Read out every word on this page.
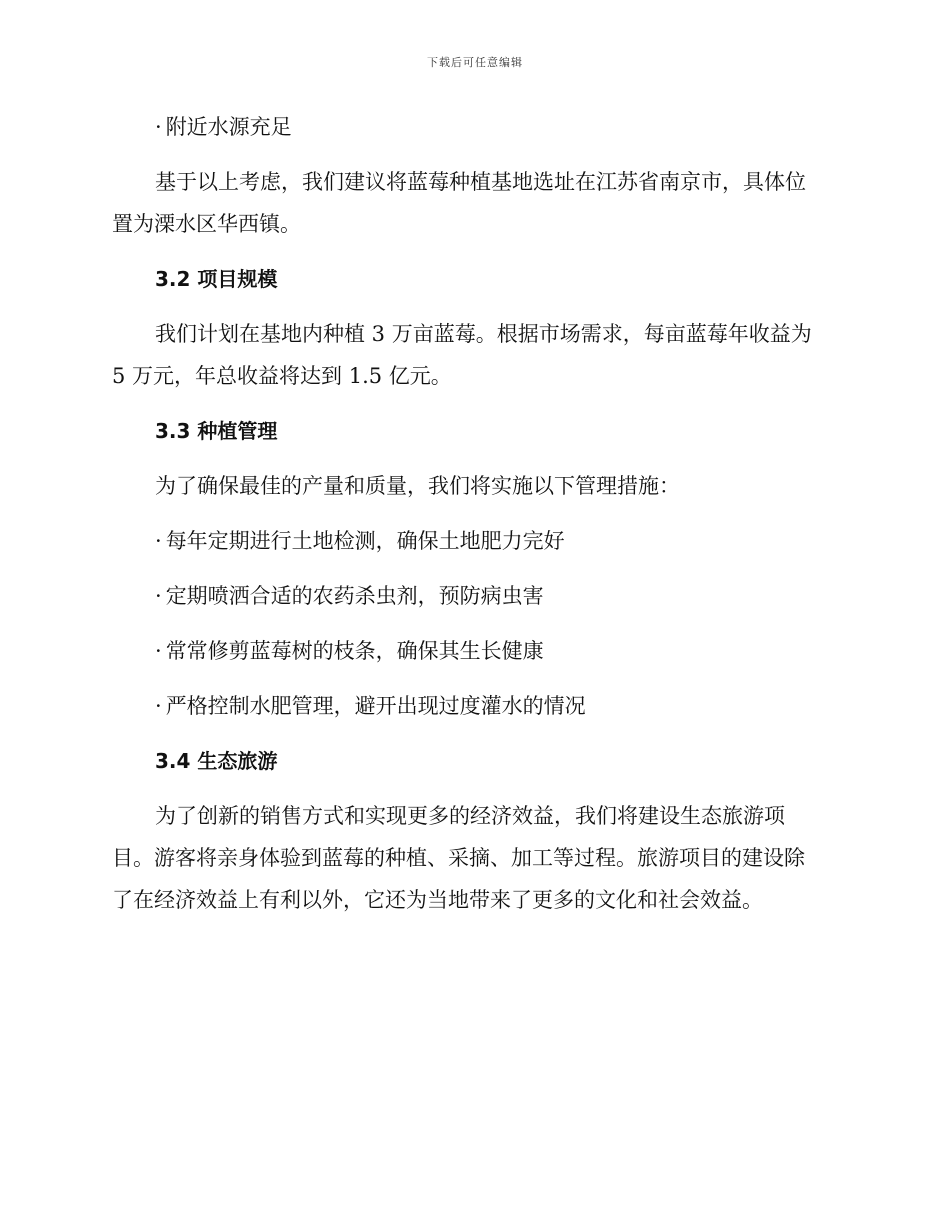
下载后可任意编辑
· 附近水源充足
基于以上考虑，我们建议将蓝莓种植基地选址在江苏省南京市，具体位
置为溧水区华西镇。
3.2 项目规模
我们计划在基地内种植 3 万亩蓝莓。根据市场需求，每亩蓝莓年收益为
5 万元，年总收益将达到 1.5 亿元。
3.3 种植管理
为了确保最佳的产量和质量，我们将实施以下管理措施：
· 每年定期进行土地检测，确保土地肥力完好
· 定期喷洒合适的农药杀虫剂，预防病虫害
· 常常修剪蓝莓树的枝条，确保其生长健康
· 严格控制水肥管理，避开出现过度灌水的情况
3.4 生态旅游
为了创新的销售方式和实现更多的经济效益，我们将建设生态旅游项
目。游客将亲身体验到蓝莓的种植、采摘、加工等过程。旅游项目的建设除
了在经济效益上有利以外，它还为当地带来了更多的文化和社会效益。
